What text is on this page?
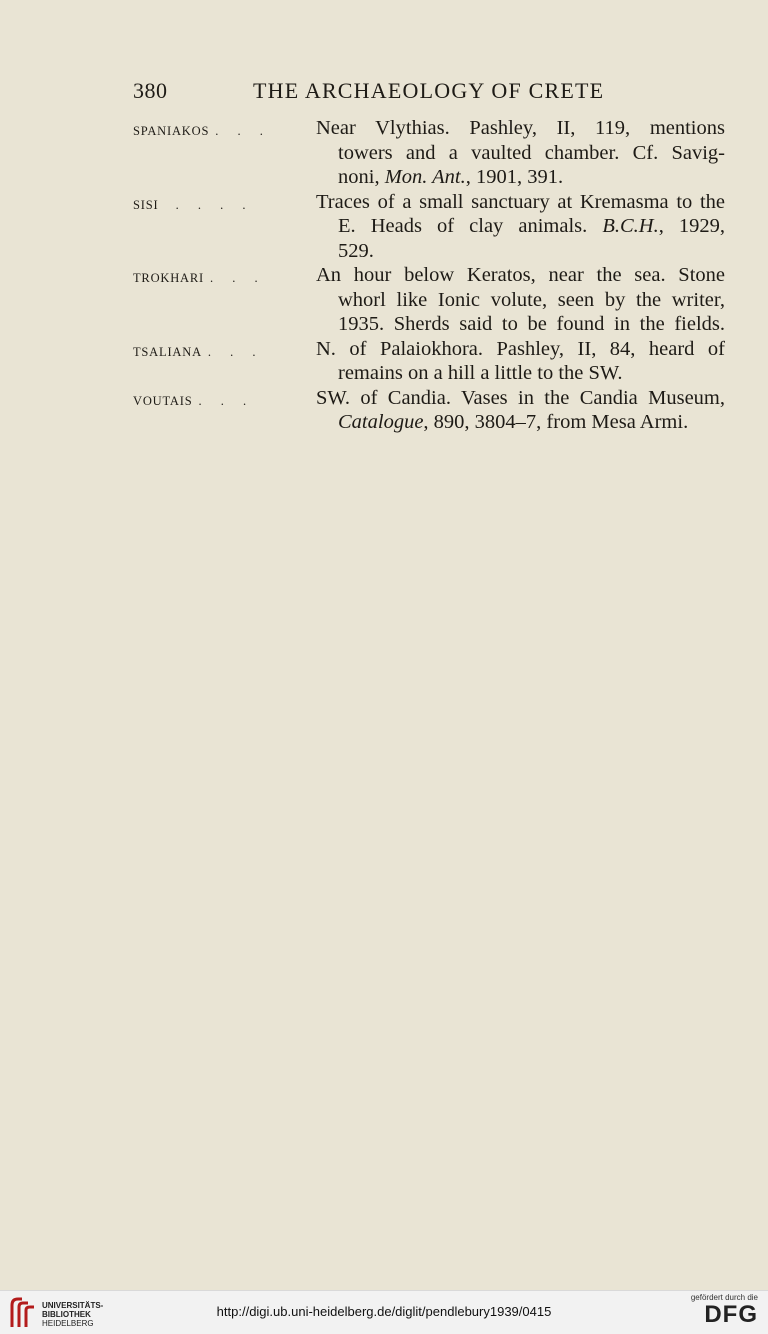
380	THE ARCHAEOLOGY OF CRETE
SPANIAKOS . . .	Near Vlythias. Pashley, II, 119, mentions
towers and a vaulted chamber. Cf. Savig-
noni, Mon. Ant., 1901, 391.
SISI . . . .	Traces of a small sanctuary at Kremasma to the
E. Heads of clay animals. B.C.H., 1929,
529.
TROKHARI . . .	An hour below Keratos, near the sea. Stone
whorl like Ionic volute, seen by the writer,
1935. Sherds said to be found in the fields.
TSALIANA . . .	N. of Palaiokhora. Pashley, II, 84, heard of
remains on a hill a little to the SW.
VOUTAIS . . .	SW. of Candia. Vases in the Candia Museum,
Catalogue, 890, 3804–7, from Mesa Armi.
UNIVERSITÄTS-
BIBLIOTHEK
HEIDELBERG
http://digi.ub.uni-heidelberg.de/diglit/pendlebury1939/0415
gefördert durch die
DFG
